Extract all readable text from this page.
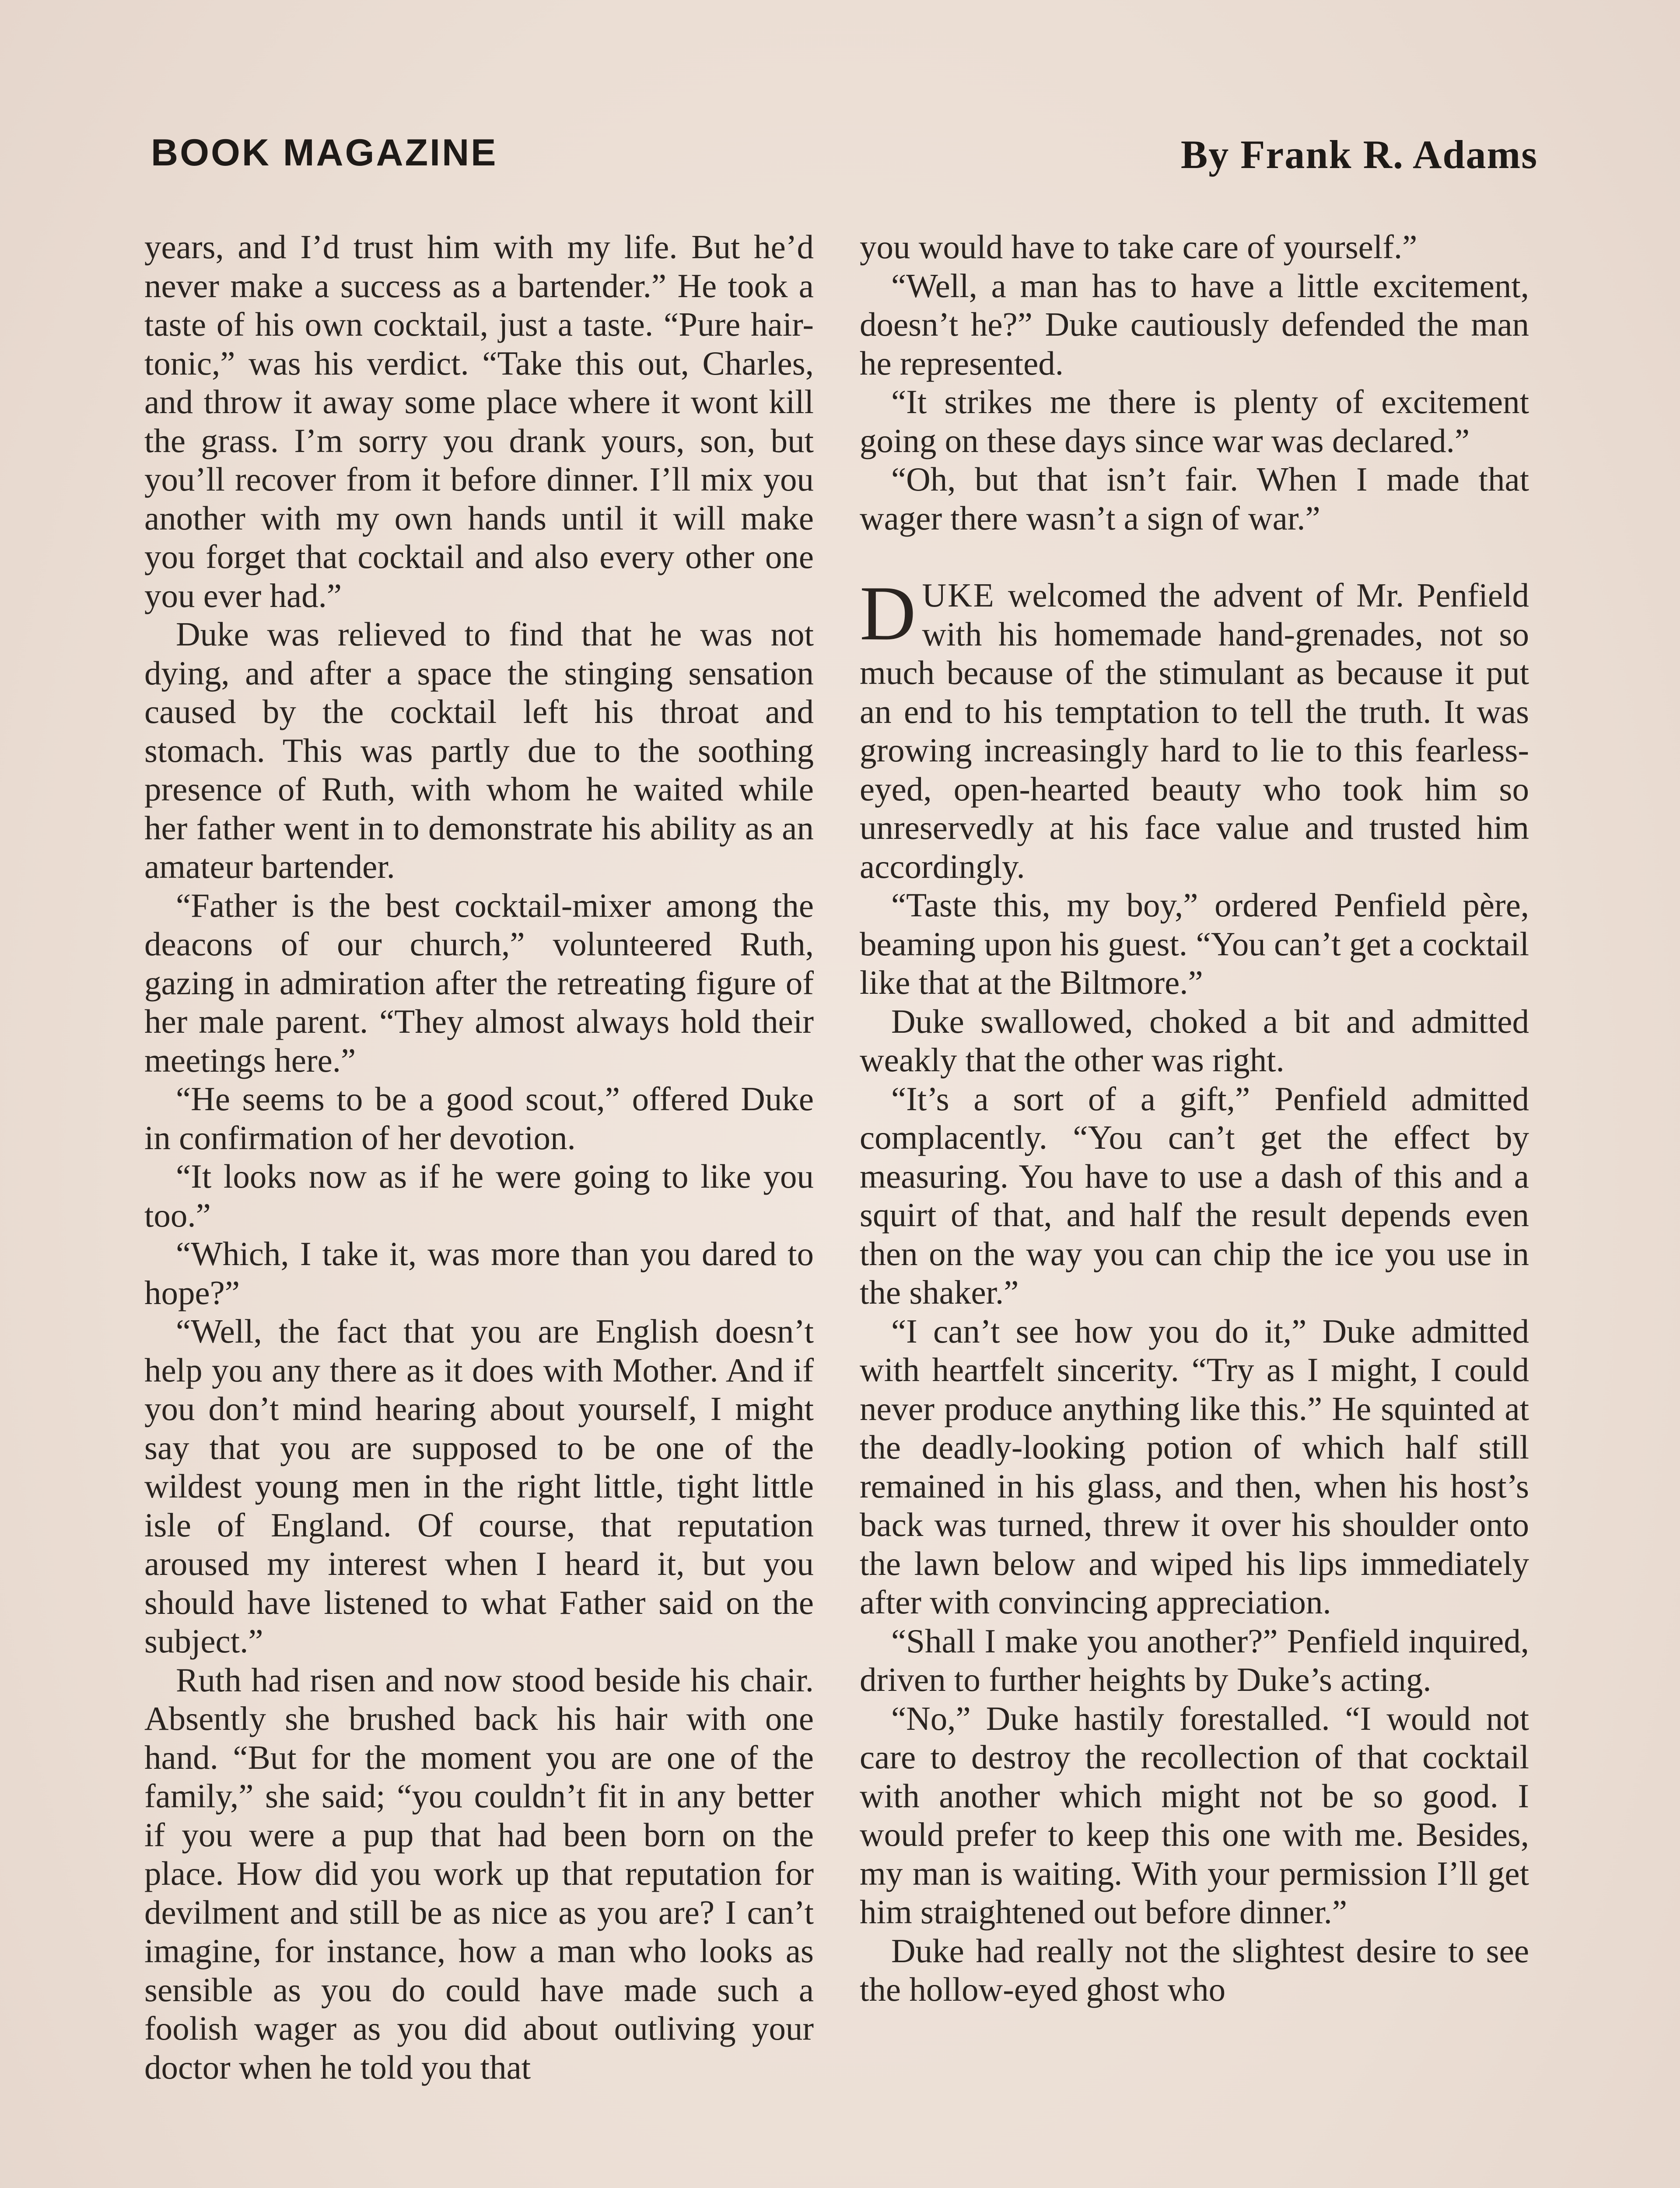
BOOK MAGAZINE	By Frank R. Adams

years, and I’d trust him with my life. But he’d never make a success as a bartender.” He took a taste of his own cocktail, just a taste. “Pure hair-tonic,” was his verdict. “Take this out, Charles, and throw it away some place where it wont kill the grass. I’m sorry you drank yours, son, but you’ll recover from it before dinner. I’ll mix you another with my own hands until it will make you forget that cocktail and also every other one you ever had.”

Duke was relieved to find that he was not dying, and after a space the stinging sensation caused by the cocktail left his throat and stomach. This was partly due to the soothing presence of Ruth, with whom he waited while her father went in to demonstrate his ability as an amateur bartender.

“Father is the best cocktail-mixer among the deacons of our church,” volunteered Ruth, gazing in admiration after the retreating figure of her male parent. “They almost always hold their meetings here.”

“He seems to be a good scout,” offered Duke in confirmation of her devotion.

“It looks now as if he were going to like you too.”

“Which, I take it, was more than you dared to hope?”

“Well, the fact that you are English doesn’t help you any there as it does with Mother. And if you don’t mind hearing about yourself, I might say that you are supposed to be one of the wildest young men in the right little, tight little isle of England. Of course, that reputation aroused my interest when I heard it, but you should have listened to what Father said on the subject.”

Ruth had risen and now stood beside his chair. Absently she brushed back his hair with one hand. “But for the moment you are one of the family,” she said; “you couldn’t fit in any better if you were a pup that had been born on the place. How did you work up that reputation for devilment and still be as nice as you are? I can’t imagine, for instance, how a man who looks as sensible as you do could have made such a foolish wager as you did about outliving your doctor when he told you that

you would have to take care of yourself.”

“Well, a man has to have a little excitement, doesn’t he?” Duke cautiously defended the man he represented.

“It strikes me there is plenty of excitement going on these days since war was declared.”

“Oh, but that isn’t fair. When I made that wager there wasn’t a sign of war.”

DUKE welcomed the advent of Mr. Penfield with his homemade hand-grenades, not so much because of the stimulant as because it put an end to his temptation to tell the truth. It was growing increasingly hard to lie to this fearless-eyed, open-hearted beauty who took him so unreservedly at his face value and trusted him accordingly.

“Taste this, my boy,” ordered Penfield père, beaming upon his guest. “You can’t get a cocktail like that at the Biltmore.”

Duke swallowed, choked a bit and admitted weakly that the other was right.

“It’s a sort of a gift,” Penfield admitted complacently. “You can’t get the effect by measuring. You have to use a dash of this and a squirt of that, and half the result depends even then on the way you can chip the ice you use in the shaker.”

“I can’t see how you do it,” Duke admitted with heartfelt sincerity. “Try as I might, I could never produce anything like this.” He squinted at the deadly-looking potion of which half still remained in his glass, and then, when his host’s back was turned, threw it over his shoulder onto the lawn below and wiped his lips immediately after with convincing appreciation.

“Shall I make you another?” Penfield inquired, driven to further heights by Duke’s acting.

“No,” Duke hastily forestalled. “I would not care to destroy the recollection of that cocktail with another which might not be so good. I would prefer to keep this one with me. Besides, my man is waiting. With your permission I’ll get him straightened out before dinner.”

Duke had really not the slightest desire to see the hollow-eyed ghost who
